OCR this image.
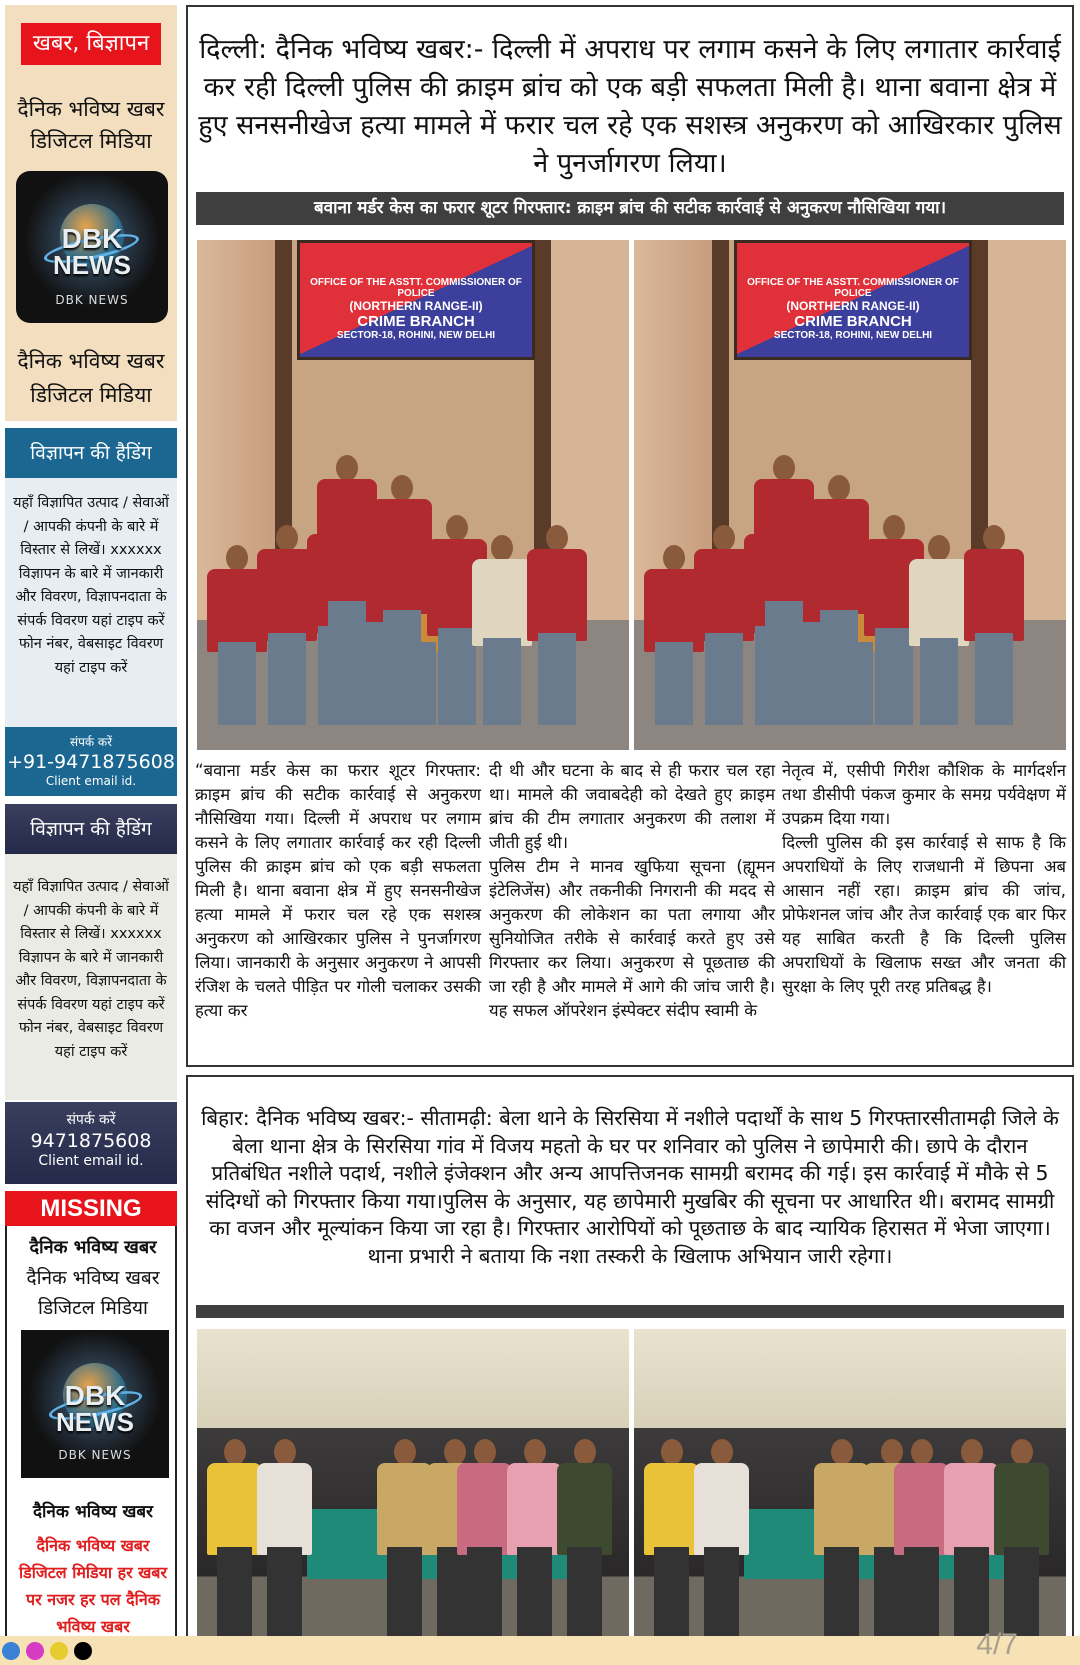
खबर, बिज्ञापन
दैनिक भविष्य खबर
डिजिटल मिडिया
DBK
NEWS
DBK NEWS
दैनिक भविष्य खबर
डिजिटल मिडिया
विज्ञापन की हैडिंग
यहाँ विज्ञापित उत्पाद / सेवाओं / आपकी कंपनी के बारे में विस्तार से लिखें। xxxxxx विज्ञापन के बारे में जानकारी और विवरण, विज्ञापनदाता के संपर्क विवरण यहां टाइप करें फोन नंबर, वेबसाइट विवरण यहां टाइप करें
संपर्क करें
+91-9471875608
Client email id.
विज्ञापन की हैडिंग
यहाँ विज्ञापित उत्पाद / सेवाओं / आपकी कंपनी के बारे में विस्तार से लिखें। xxxxxx विज्ञापन के बारे में जानकारी और विवरण, विज्ञापनदाता के संपर्क विवरण यहां टाइप करें फोन नंबर, वेबसाइट विवरण यहां टाइप करें
संपर्क करें
9471875608
Client email id.
MISSING
दैनिक भविष्य खबर
दैनिक भविष्य खबर
डिजिटल मिडिया
DBK
NEWS
DBK NEWS
दैनिक भविष्य खबर
दैनिक भविष्य खबर डिजिटल मिडिया हर खबर पर नजर हर पल दैनिक भविष्य खबर
दिल्ली: दैनिक भविष्य खबर:- दिल्ली में अपराध पर लगाम कसने के लिए लगातार कार्रवाई कर रही दिल्ली पुलिस की क्राइम ब्रांच को एक बड़ी सफलता मिली है। थाना बवाना क्षेत्र में हुए सनसनीखेज हत्या मामले में फरार चल रहे एक सशस्त्र अनुकरण को आखिरकार पुलिस ने पुनर्जागरण लिया।
बवाना मर्डर केस का फरार शूटर गिरफ्तार: क्राइम ब्रांच की सटीक कार्रवाई से अनुकरण नौसिखिया गया।
OFFICE OF THE ASSTT. COMMISSIONER OF POLICE
(NORTHERN RANGE-II)
CRIME BRANCH
SECTOR-18, ROHINI, NEW DELHI
OFFICE OF THE ASSTT. COMMISSIONER OF POLICE
(NORTHERN RANGE-II)
CRIME BRANCH
SECTOR-18, ROHINI, NEW DELHI

“बवाना मर्डर केस का फरार शूटर गिरफ्तार: क्राइम ब्रांच की सटीक कार्रवाई से अनुकरण नौसिखिया गया। दिल्ली में अपराध पर लगाम कसने के लिए लगातार कार्रवाई कर रही दिल्ली पुलिस की क्राइम ब्रांच को एक बड़ी सफलता मिली है। थाना बवाना क्षेत्र में हुए सनसनीखेज हत्या मामले में फरार चल रहे एक सशस्त्र अनुकरण को आखिरकार पुलिस ने पुनर्जागरण लिया। जानकारी के अनुसार अनुकरण ने आपसी रंजिश के चलते पीड़ित पर गोली चलाकर उसकी हत्या कर

दी थी और घटना के बाद से ही फरार चल रहा था। मामले की जवाबदेही को देखते हुए क्राइम ब्रांच की टीम लगातार अनुकरण की तलाश में जीती हुई थी।

पुलिस टीम ने मानव खुफिया सूचना (ह्यूमन इंटेलिजेंस) और तकनीकी निगरानी की मदद से अनुकरण की लोकेशन का पता लगाया और सुनियोजित तरीके से कार्रवाई करते हुए उसे गिरफ्तार कर लिया। अनुकरण से पूछताछ की जा रही है और मामले में आगे की जांच जारी है।यह सफल ऑपरेशन इंस्पेक्टर संदीप स्वामी के

नेतृत्व में, एसीपी गिरीश कौशिक के मार्गदर्शन तथा डीसीपी पंकज कुमार के समग्र पर्यवेक्षण में उपक्रम दिया गया।

दिल्ली पुलिस की इस कार्रवाई से साफ है कि अपराधियों के लिए राजधानी में छिपना अब आसान नहीं रहा। क्राइम ब्रांच की जांच, प्रोफेशनल जांच और तेज कार्रवाई एक बार फिर यह साबित करती है कि दिल्ली पुलिस अपराधियों के खिलाफ सख्त और जनता की सुरक्षा के लिए पूरी तरह प्रतिबद्ध है।

बिहार: दैनिक भविष्य खबर:- सीतामढ़ी: बेला थाने के सिरसिया में नशीले पदार्थों के साथ 5 गिरफ्तारसीतामढ़ी जिले के बेला थाना क्षेत्र के सिरसिया गांव में विजय महतो के घर पर शनिवार को पुलिस ने छापेमारी की। छापे के दौरान प्रतिबंधित नशीले पदार्थ, नशीले इंजेक्शन और अन्य आपत्तिजनक सामग्री बरामद की गई। इस कार्रवाई में मौके से 5 संदिग्धों को गिरफ्तार किया गया।पुलिस के अनुसार, यह छापेमारी मुखबिर की सूचना पर आधारित थी। बरामद सामग्री का वजन और मूल्यांकन किया जा रहा है। गिरफ्तार आरोपियों को पूछताछ के बाद न्यायिक हिरासत में भेजा जाएगा। थाना प्रभारी ने बताया कि नशा तस्करी के खिलाफ अभियान जारी रहेगा।
4/7
